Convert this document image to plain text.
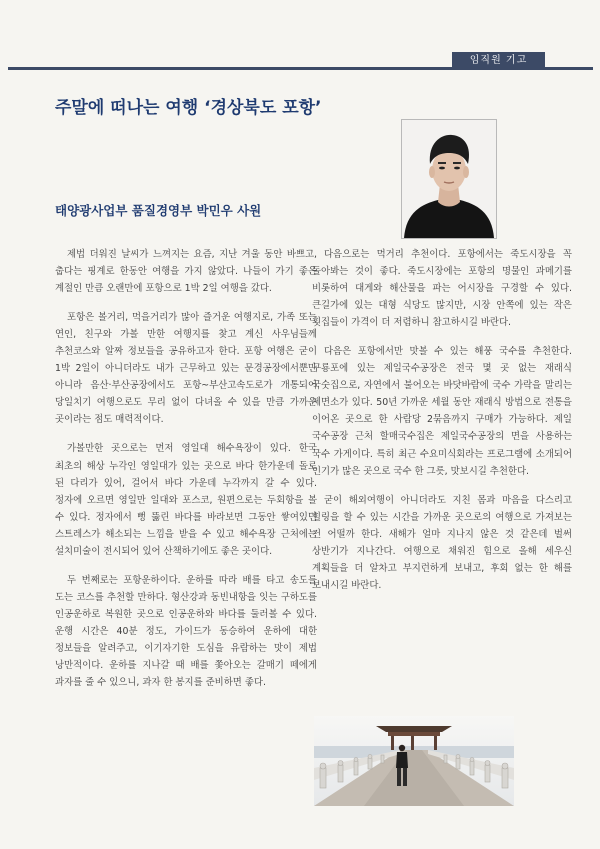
임직원 기고
주말에 떠나는 여행 ‘경상북도 포항’
태양광사업부 품질경영부 박민우 사원

제법 더워진 날씨가 느껴지는 요즘, 지난 겨울 동안 바쁘고, 춥다는 핑계로 한동안 여행을 가지 않았다. 나들이 가기 좋은 계절인 만큼 오랜만에 포항으로 1박 2일 여행을 갔다.

포항은 볼거리, 먹을거리가 많아 즐거운 여행지로, 가족 또는 연인, 친구와 가볼 만한 여행지를 찾고 계신 사우님들께 추천코스와 알짜 정보들을 공유하고자 한다. 포항 여행은 굳이 1박 2일이 아니더라도 내가 근무하고 있는 문경공장에서뿐만 아니라 음산·부산공장에서도 포항~부산고속도로가 개통되어 당일치기 여행으로도 무리 없이 다녀올 수 있을 만큼 가까운 곳이라는 점도 매력적이다.

가볼만한 곳으로는 먼저 영일대 해수욕장이 있다. 한국 최초의 해상 누각인 영일대가 있는 곳으로 바다 한가운데 돌로 된 다리가 있어, 걸어서 바다 가운데 누각까지 갈 수 있다. 정자에 오르면 영일만 일대와 포스코, 원편으로는 두회항을 볼 수 있다. 정자에서 뻥 뚫린 바다를 바라보면 그동안 쌓여있던 스트레스가 해소되는 느낌을 받을 수 있고 해수욕장 근처에는 설치미술이 전시되어 있어 산책하기에도 좋은 곳이다.

두 번째로는 포항운하이다. 운하를 따라 배를 타고 송도를 도는 코스를 추천할 만하다. 형산강과 동빈내항을 잇는 구하도를 인공운하로 복원한 곳으로 인공운하와 바다를 둘러볼 수 있다. 운행 시간은 40분 정도, 가이드가 동승하여 운하에 대한 정보들을 알려주고, 이기자기한 도심을 유람하는 맛이 제법 낭만적이다. 운하를 지나갈 때 배를 쫓아오는 갈매기 떼에게 과자를 줄 수 있으니, 과자 한 봉지를 준비하면 좋다.

다음으로는 먹거리 추천이다. 포항에서는 죽도시장을 꼭 돌아봐는 것이 좋다. 죽도시장에는 포항의 명물인 과메기를 비롯하여 대게와 해산물을 파는 어시장을 구경할 수 있다. 큰길가에 있는 대형 식당도 많지만, 시장 안쪽에 있는 작은 횟집들이 가격이 더 저렴하니 참고하시길 바란다.

다음은 포항에서만 맛볼 수 있는 해풍 국수를 추천한다. 구룡포에 있는 제일국수공장은 전국 몇 곳 없는 재래식 국숫집으로, 자연에서 불어오는 바닷바람에 국수 가락을 말리는 제면소가 있다. 50년 가까운 세월 동안 재래식 방법으로 전통을 이어온 곳으로 한 사람당 2묶음까지 구매가 가능하다. 제일 국수공장 근처 할매국수집은 제일국수공장의 면을 사용하는 국수 가게이다. 특히 최근 수요미식회라는 프로그램에 소개되어 인기가 많은 곳으로 국수 한 그릇, 맛보시길 추천한다.

굳이 해외여행이 아니더라도 지친 몸과 마음을 다스리고 힐링을 할 수 있는 시간을 가까운 곳으로의 여행으로 가져보는 건 어떨까 한다. 새해가 얼마 지나지 않은 것 같은데 벌써 상반기가 지나간다. 여행으로 채워진 힘으로 올해 세우신 계획들을 더 알차고 부지런하게 보내고, 후회 없는 한 해를 보내시길 바란다.
